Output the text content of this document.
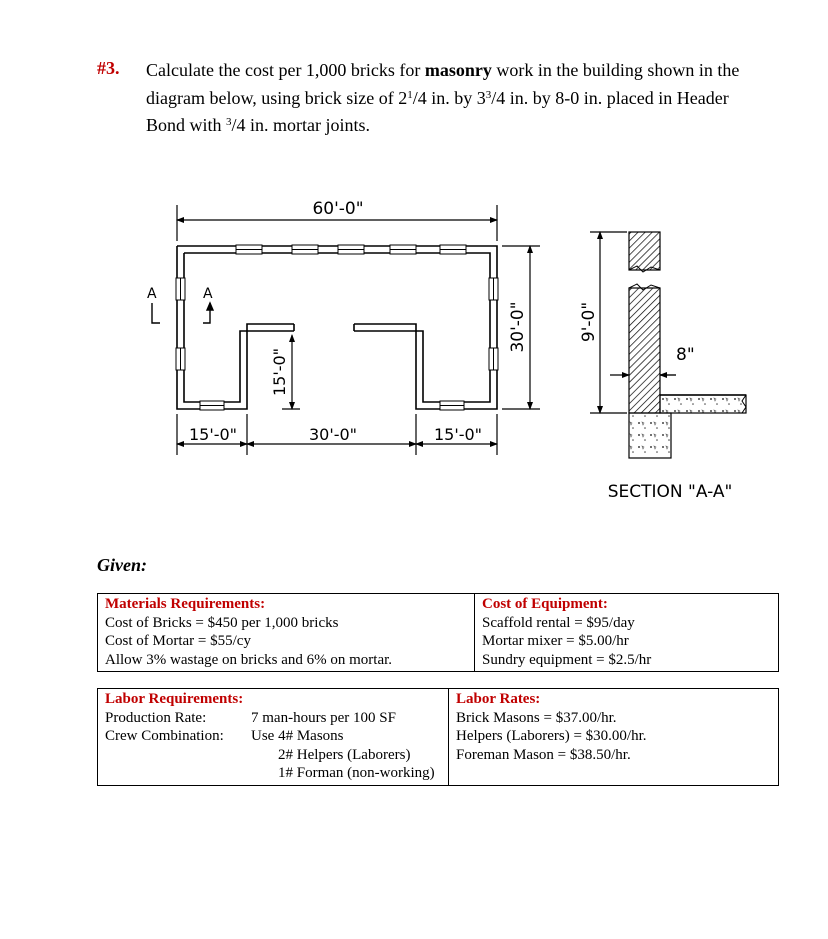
#3. Calculate the cost per 1,000 bricks for masonry work in the building shown in the
diagram below, using brick size of $2^1/4$ in. by $3^3/4$ in. by 8-0 in. placed in Header
Bond with $^3$/4 in. mortar joints.
A	A
60'-0"
30'-0"
15'-0"
15'-0"	30'-0"	15'-0"
9'-0"
8"
SECTION "A-A"
Given:
Materials Requirements:
Cost of Bricks = $450 per 1,000 bricks
Cost of Mortar = $55/cy
Allow 3% wastage on bricks and 6% on mortar.

Cost of Equipment:
Scaffold rental = $95/day
Mortar mixer = $5.00/hr
Sundry equipment = $2.5/hr
Labor Requirements:
Production Rate:	7 man-hours per 100 SF
Crew Combination: Use 4# Masons
2# Helpers (Laborers)
1# Forman (non-working)

Labor Rates:
Brick Masons = $37.00/hr.
Helpers (Laborers) = $30.00/hr.
Foreman Mason = $38.50/hr.
